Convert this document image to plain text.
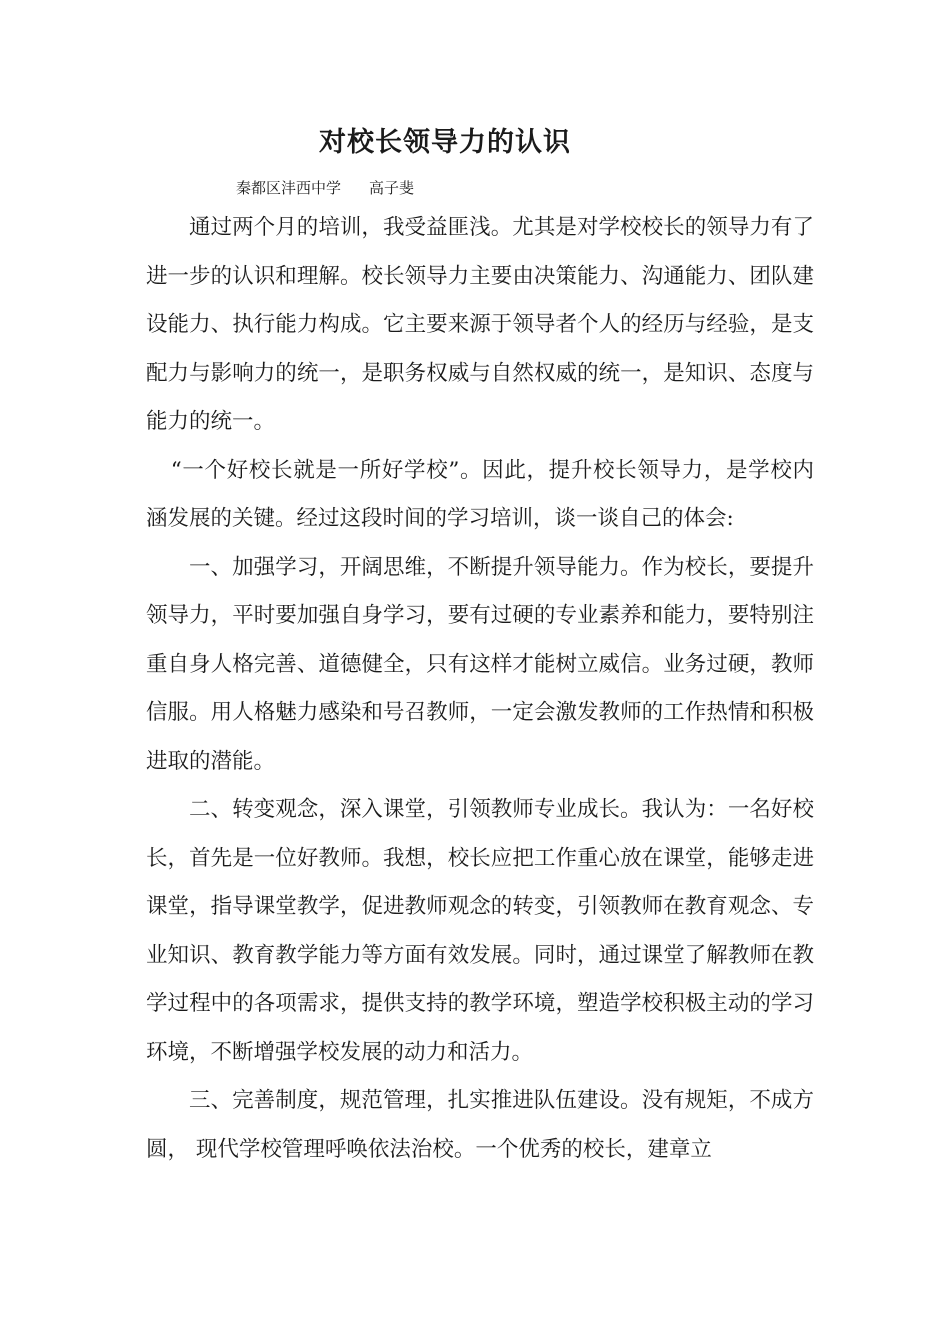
对校长领导力的认识
秦都区沣西中学 高子斐

通过两个月的培训，我受益匪浅。尤其是对学校校长的领导力有了进一步的认识和理解。校长领导力主要由决策能力、沟通能力、团队建设能力、执行能力构成。它主要来源于领导者个人的经历与经验，是支配力与影响力的统一，是职务权威与自然权威的统一，是知识、态度与能力的统一。

“一个好校长就是一所好学校”。因此，提升校长领导力，是学校内涵发展的关键。经过这段时间的学习培训，谈一谈自己的体会:

一、加强学习，开阔思维，不断提升领导能力。作为校长，要提升领导力，平时要加强自身学习，要有过硬的专业素养和能力，要特别注重自身人格完善、道德健全，只有这样才能树立威信。业务过硬，教师信服。用人格魅力感染和号召教师，一定会激发教师的工作热情和积极进取的潜能。

二、转变观念，深入课堂，引领教师专业成长。我认为：一名好校长，首先是一位好教师。我想，校长应把工作重心放在课堂，能够走进课堂，指导课堂教学，促进教师观念的转变，引领教师在教育观念、专业知识、教育教学能力等方面有效发展。同时，通过课堂了解教师在教学过程中的各项需求，提供支持的教学环境，塑造学校积极主动的学习环境，不断增强学校发展的动力和活力。

三、完善制度，规范管理，扎实推进队伍建设。没有规矩，不成方圆， 现代学校管理呼唤依法治校。一个优秀的校长，建章立
